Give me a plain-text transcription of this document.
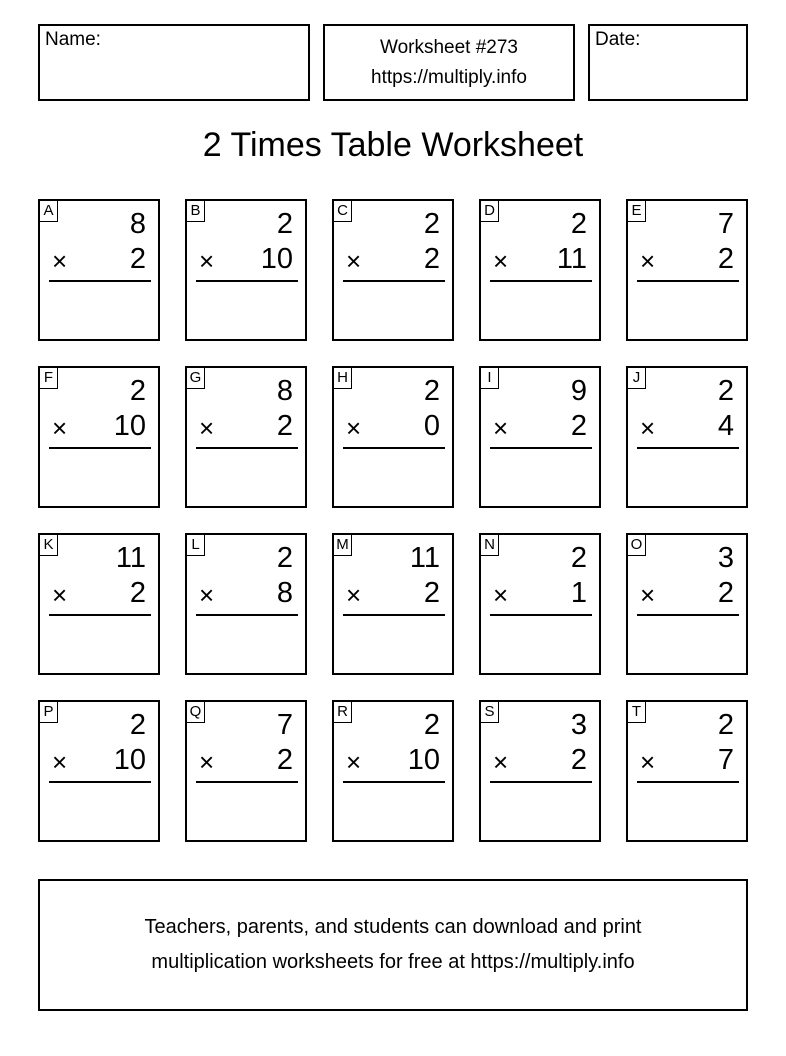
Name:	Worksheet #273
https://multiply.info
Date:
2 Times Table Worksheet
A	8
× 2
B	2
× 10
C	2
× 2
D	2
× 11
E	7
× 2
F	2
× 10
G	8
× 2
H	2
× 0
I	9
× 2
J	2
× 4
K 11
× 2
L	2
× 8
M 11
× 2
N	2
× 1
O	3
× 2
P	2
× 10
Q	7
× 2
R	2
× 10
S	3
× 2
T	2
× 7
Teachers, parents, and students can download and print
multiplication worksheets for free at https://multiply.info
